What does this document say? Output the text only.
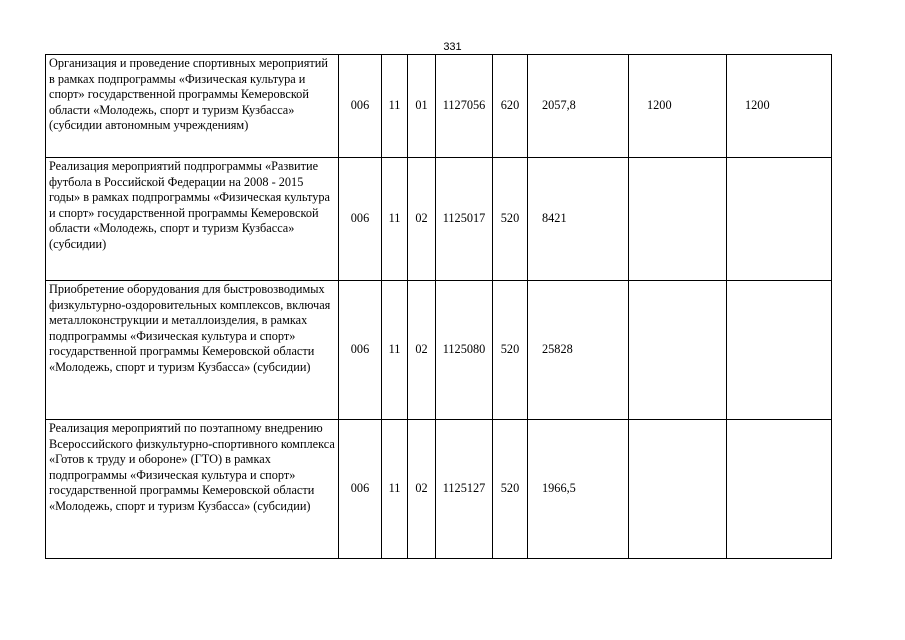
331
Организация и проведение спортивных мероприятий в рамках подпрограммы «Физическая культура и спорт» государственной программы Кемеровской области «Молодежь, спорт и туризм Кузбасса» (субсидии автономным учреждениям)	006	11	01	1127056	620	2057,8	1200	1200
Реализация мероприятий подпрограммы «Развитие футбола в Российской Федерации на 2008 - 2015 годы» в рамках подпрограммы «Физическая культура и спорт» государственной программы Кемеровской области «Молодежь, спорт и туризм Кузбасса» (субсидии)	006	11	02	1125017	520	8421		
Приобретение оборудования для быстровозводимых физкультурно-оздоровительных комплексов, включая металлоконструкции и металлоизделия, в рамках подпрограммы «Физическая культура и спорт» государственной программы Кемеровской области «Молодежь, спорт и туризм Кузбасса» (субсидии)	006	11	02	1125080	520	25828		
Реализация мероприятий по поэтапному внедрению Всероссийского физкультурно-спортивного комплекса «Готов к труду и обороне» (ГТО) в рамках подпрограммы «Физическая культура и спорт» государственной программы Кемеровской области «Молодежь, спорт и туризм Кузбасса» (субсидии)	006	11	02	1125127	520	1966,5		
